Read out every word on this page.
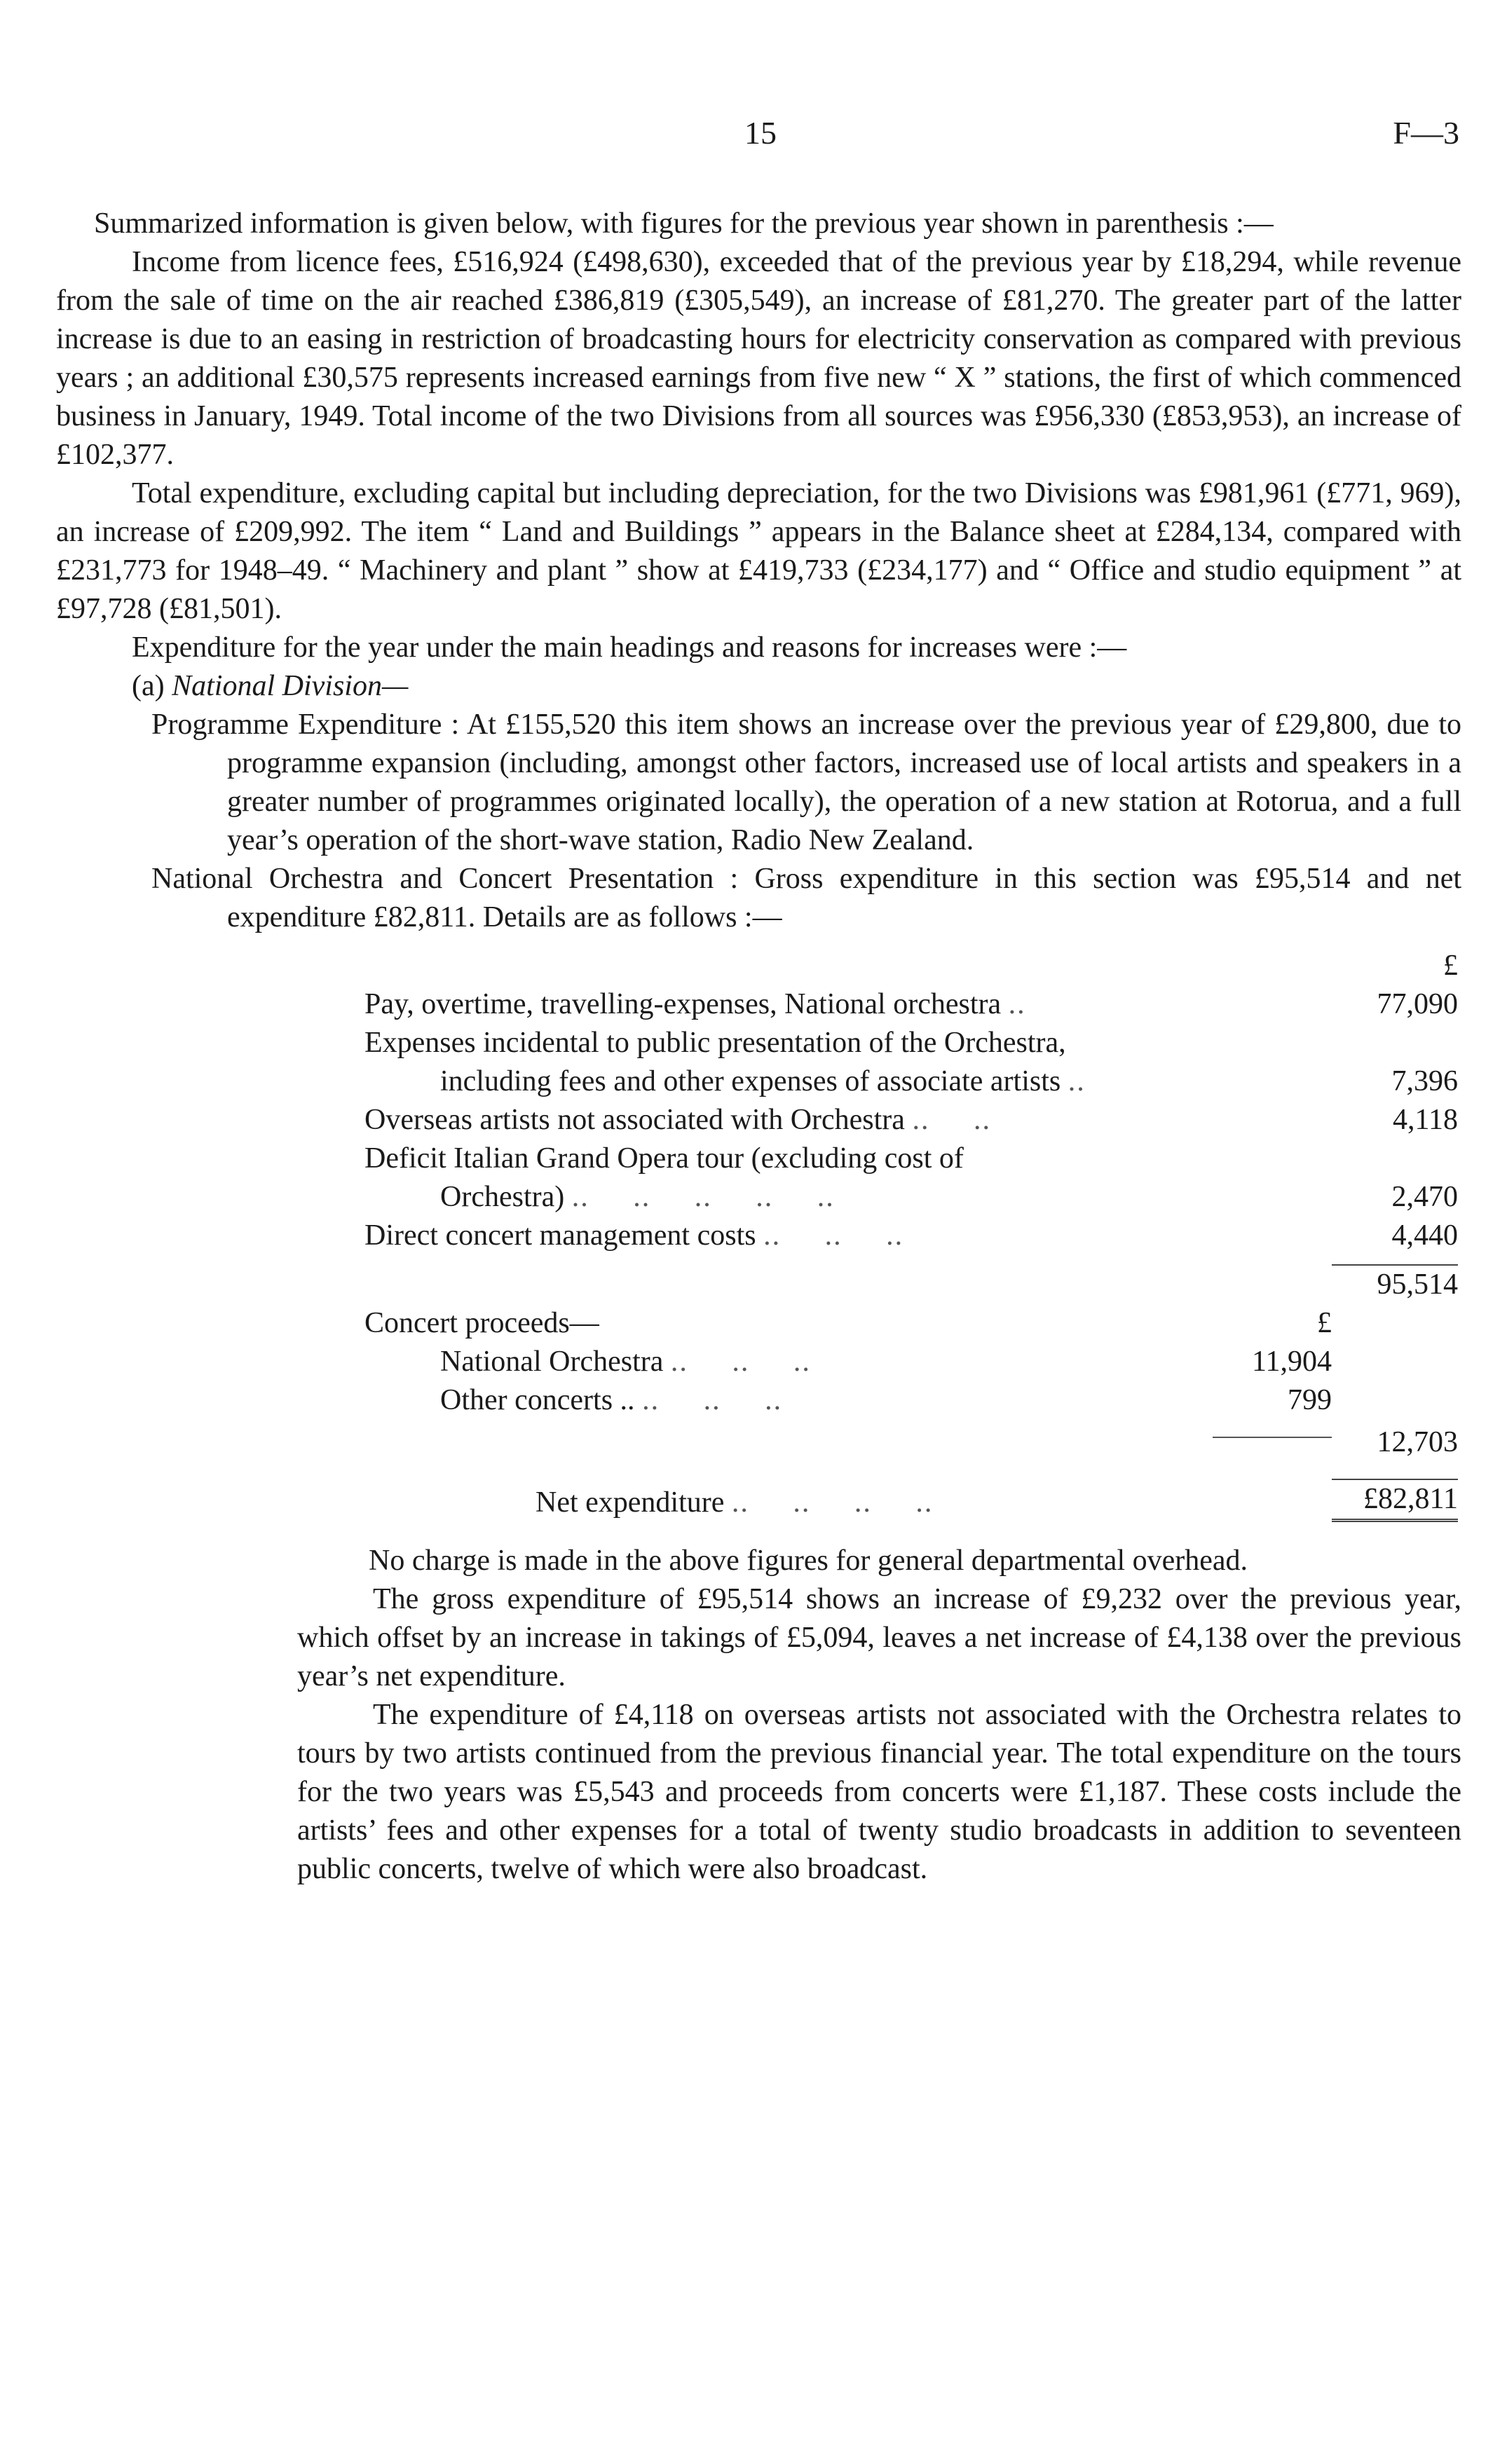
15	F—3

Summarized information is given below, with figures for the previous year shown in parenthesis :—

Income from licence fees, £516,924 (£498,630), exceeded that of the previous year by £18,294, while revenue from the sale of time on the air reached £386,819 (£305,549), an increase of £81,270. The greater part of the latter increase is due to an easing in restriction of broadcasting hours for electricity conservation as compared with previous years ; an additional £30,575 represents increased earnings from five new “ X ” stations, the first of which commenced business in January, 1949. Total income of the two Divisions from all sources was £956,330 (£853,953), an increase of £102,377.

Total expenditure, excluding capital but including depreciation, for the two Divisions was £981,961 (£771, 969), an increase of £209,992. The item “ Land and Buildings ” appears in the Balance sheet at £284,134, compared with £231,773 for 1948–49. “ Machinery and plant ” show at £419,733 (£234,177) and “ Office and studio equipment ” at £97,728 (£81,501).

Expenditure for the year under the main headings and reasons for increases were :—

(a) National Division—

Programme Expenditure : At £155,520 this item shows an increase over the previous year of £29,800, due to programme expansion (including, amongst other factors, increased use of local artists and speakers in a greater number of programmes originated locally), the operation of a new station at Rotorua, and a full year’s operation of the short-wave station, Radio New Zealand.

National Orchestra and Concert Presentation : Gross expenditure in this section was £95,514 and net expenditure £82,811. Details are as follows :—

£
Pay, overtime, travelling-expenses, National orchestra ..	77,090
Expenses incidental to public presentation of the Orchestra,
including fees and other expenses of associate artists ..	7,396
Overseas artists not associated with Orchestra ..     ..	4,118
Deficit Italian Grand Opera tour (excluding cost of
Orchestra) ..     ..     ..     ..     ..	2,470
Direct concert management costs ..     ..     ..	4,440
95,514
Concert proceeds—	£
National Orchestra ..     ..     ..	11,904
Other concerts .. ..     ..     ..	799
12,703
Net expenditure ..     ..     ..     ..	£82,811

No charge is made in the above figures for general departmental overhead.

The gross expenditure of £95,514 shows an increase of £9,232 over the previous year, which offset by an increase in takings of £5,094, leaves a net increase of £4,138 over the previous year’s net expenditure.

The expenditure of £4,118 on overseas artists not associated with the Orchestra relates to tours by two artists continued from the previous financial year. The total expenditure on the tours for the two years was £5,543 and proceeds from concerts were £1,187. These costs include the artists’ fees and other expenses for a total of twenty studio broadcasts in addition to seventeen public concerts, twelve of which were also broadcast.
